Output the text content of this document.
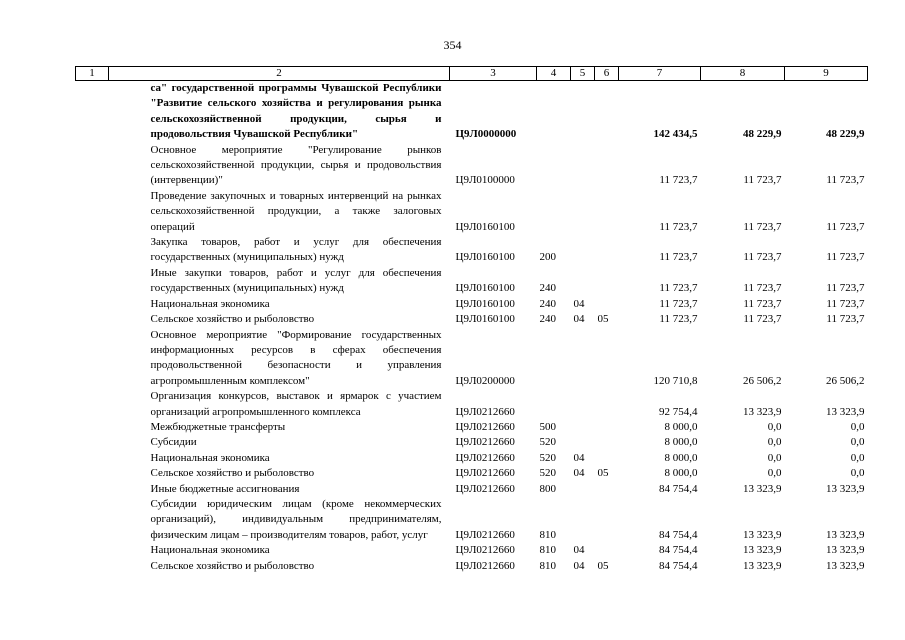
354
1	2	3	4	5	6	7	8	9
	са" государственной программы Чувашской Республики "Развитие сельского хозяйства и регулирования рынка сельскохозяйственной продукции, сырья и продовольствия Чувашской Республики"	Ц9Л0000000				142 434,5	48 229,9	48 229,9
	Основное мероприятие "Регулирование рынков сельскохозяйственной продукции, сырья и продовольствия (интервенции)"	Ц9Л0100000				11 723,7	11 723,7	11 723,7
	Проведение закупочных и товарных интервенций на рынках сельскохозяйственной продукции, а также залоговых операций	Ц9Л0160100				11 723,7	11 723,7	11 723,7
	Закупка товаров, работ и услуг для обеспечения государственных (муниципальных) нужд	Ц9Л0160100	200			11 723,7	11 723,7	11 723,7
	Иные закупки товаров, работ и услуг для обеспечения государственных (муниципальных) нужд	Ц9Л0160100	240			11 723,7	11 723,7	11 723,7
	Национальная экономика	Ц9Л0160100	240	04		11 723,7	11 723,7	11 723,7
	Сельское хозяйство и рыболовство	Ц9Л0160100	240	04	05	11 723,7	11 723,7	11 723,7
	Основное мероприятие "Формирование государственных информационных ресурсов в сферах обеспечения продовольственной безопасности и управления агропромышленным комплексом"	Ц9Л0200000				120 710,8	26 506,2	26 506,2
	Организация конкурсов, выставок и ярмарок с участием организаций агропромышленного комплекса	Ц9Л0212660				92 754,4	13 323,9	13 323,9
	Межбюджетные трансферты	Ц9Л0212660	500			8 000,0	0,0	0,0
	Субсидии	Ц9Л0212660	520			8 000,0	0,0	0,0
	Национальная экономика	Ц9Л0212660	520	04		8 000,0	0,0	0,0
	Сельское хозяйство и рыболовство	Ц9Л0212660	520	04	05	8 000,0	0,0	0,0
	Иные бюджетные ассигнования	Ц9Л0212660	800			84 754,4	13 323,9	13 323,9
	Субсидии юридическим лицам (кроме некоммерческих организаций), индивидуальным предпринимателям, физическим лицам – производителям товаров, работ, услуг	Ц9Л0212660	810			84 754,4	13 323,9	13 323,9
	Национальная экономика	Ц9Л0212660	810	04		84 754,4	13 323,9	13 323,9
	Сельское хозяйство и рыболовство	Ц9Л0212660	810	04	05	84 754,4	13 323,9	13 323,9
